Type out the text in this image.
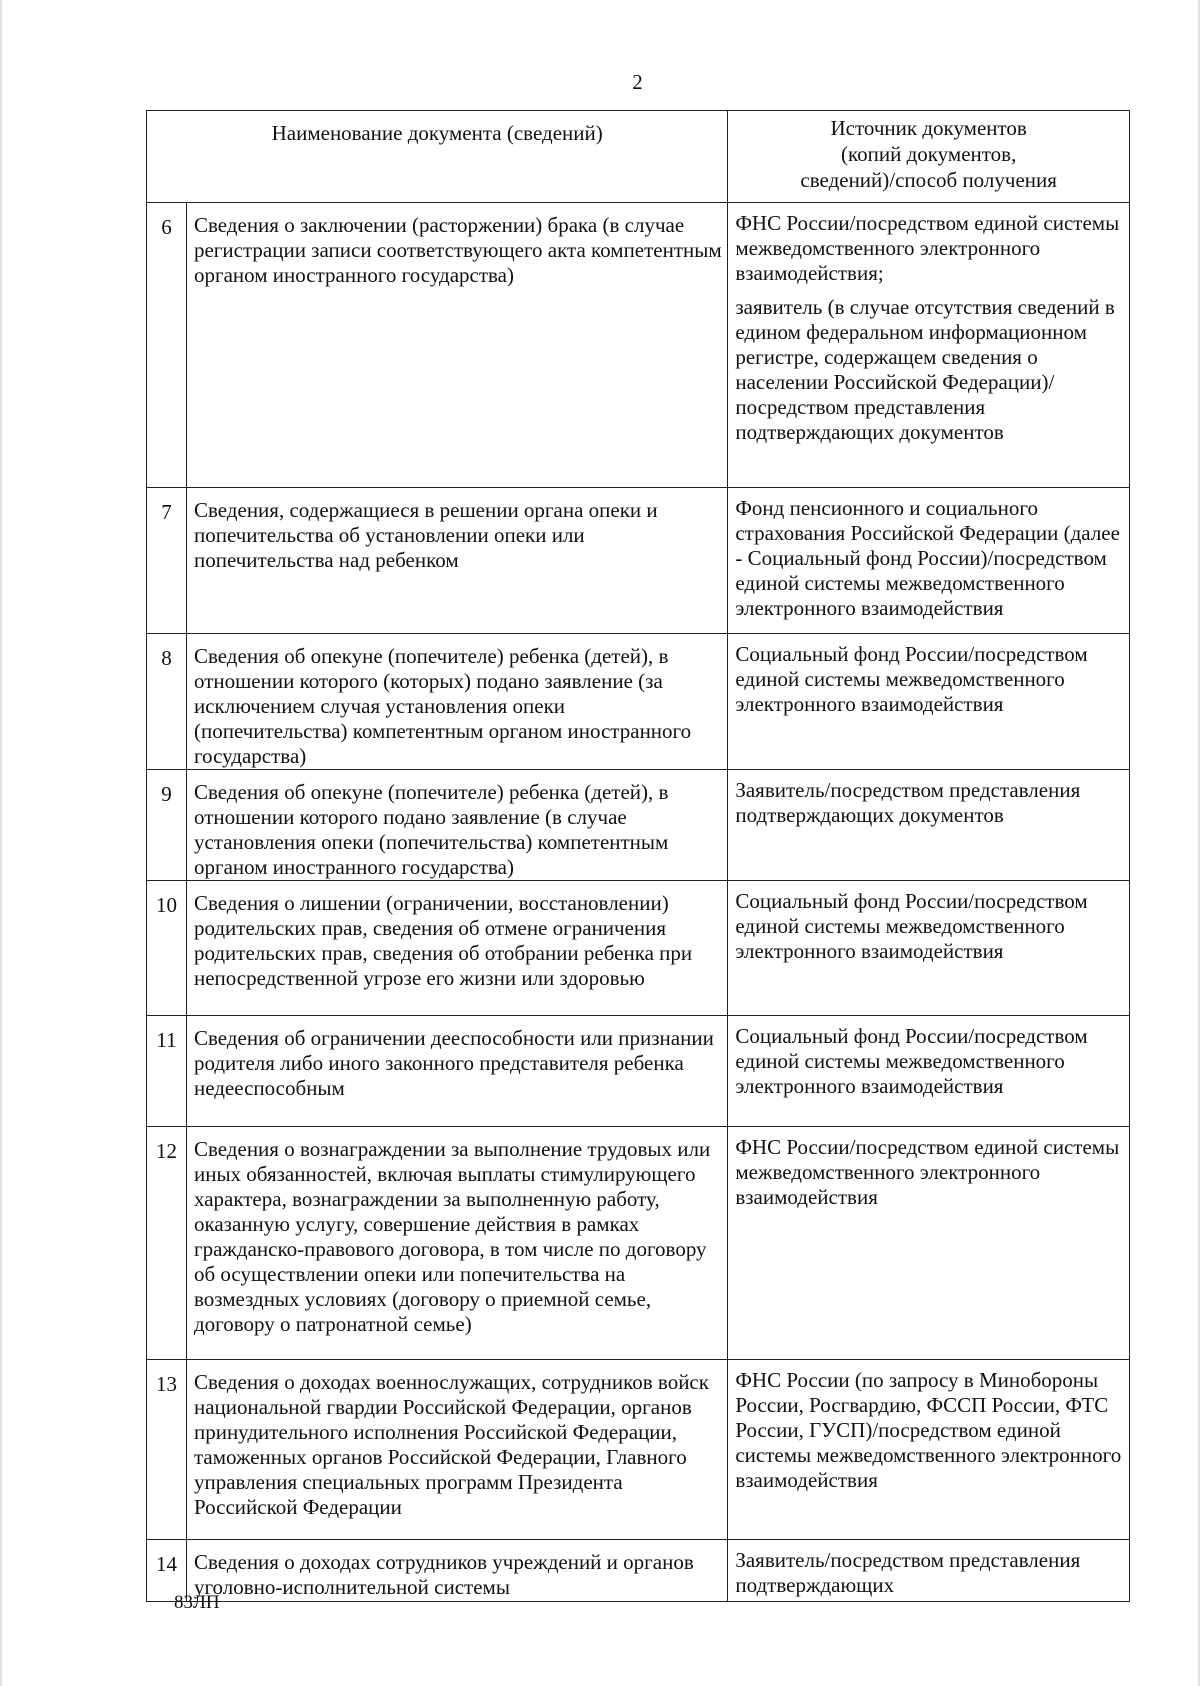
2
Наименование документа (сведений)		Источник документов
(копий документов,
сведений)/способ получения

6	Сведения о заключении (расторжении) брака (в случае регистрации записи соответствующего акта компетентным органом иностранного государства)	ФНС России/посредством единой системы межведомственного электронного взаимодействия;

заявитель (в случае отсутствия сведений в едином федеральном информационном регистре, содержащем сведения о населении Российской Федерации)/посредством представления подтверждающих документов

7	Сведения, содержащиеся в решении органа опеки и попечительства об установлении опеки или попечительства над ребенком	Фонд пенсионного и социального страхования Российской Федерации (далее - Социальный фонд России)/посредством единой системы межведомственного электронного взаимодействия

8	Сведения об опекуне (попечителе) ребенка (детей), в отношении которого (которых) подано заявление (за исключением случая установления опеки (попечительства) компетентным органом иностранного государства)	Социальный фонд России/посредством единой системы межведомственного электронного взаимодействия

9	Сведения об опекуне (попечителе) ребенка (детей), в отношении которого подано заявление (в случае установления опеки (попечительства) компетентным органом иностранного государства)	Заявитель/посредством представления подтверждающих документов

10	Сведения о лишении (ограничении, восстановлении) родительских прав, сведения об отмене ограничения родительских прав, сведения об отобрании ребенка при непосредственной угрозе его жизни или здоровью	Социальный фонд России/посредством единой системы межведомственного электронного взаимодействия

11	Сведения об ограничении дееспособности или признании родителя либо иного законного представителя ребенка недееспособным	Социальный фонд России/посредством единой системы межведомственного электронного взаимодействия

12	Сведения о вознаграждении за выполнение трудовых или иных обязанностей, включая выплаты стимулирующего характера, вознаграждении за выполненную работу, оказанную услугу, совершение действия в рамках гражданско-правового договора, в том числе по договору об осуществлении опеки или попечительства на возмездных условиях (договору о приемной семье, договору о патронатной семье)	ФНС России/посредством единой системы межведомственного электронного взаимодействия

13	Сведения о доходах военнослужащих, сотрудников войск национальной гвардии Российской Федерации, органов принудительного исполнения Российской Федерации, таможенных органов Российской Федерации, Главного управления специальных программ Президента Российской Федерации	ФНС России (по запросу в Минобороны России, Росгвардию, ФССП России, ФТС России, ГУСП)/посредством единой системы межведомственного электронного взаимодействия

14	Сведения о доходах сотрудников учреждений и органов уголовно-исполнительной системы	Заявитель/посредством представления подтверждающих

83ЛП
